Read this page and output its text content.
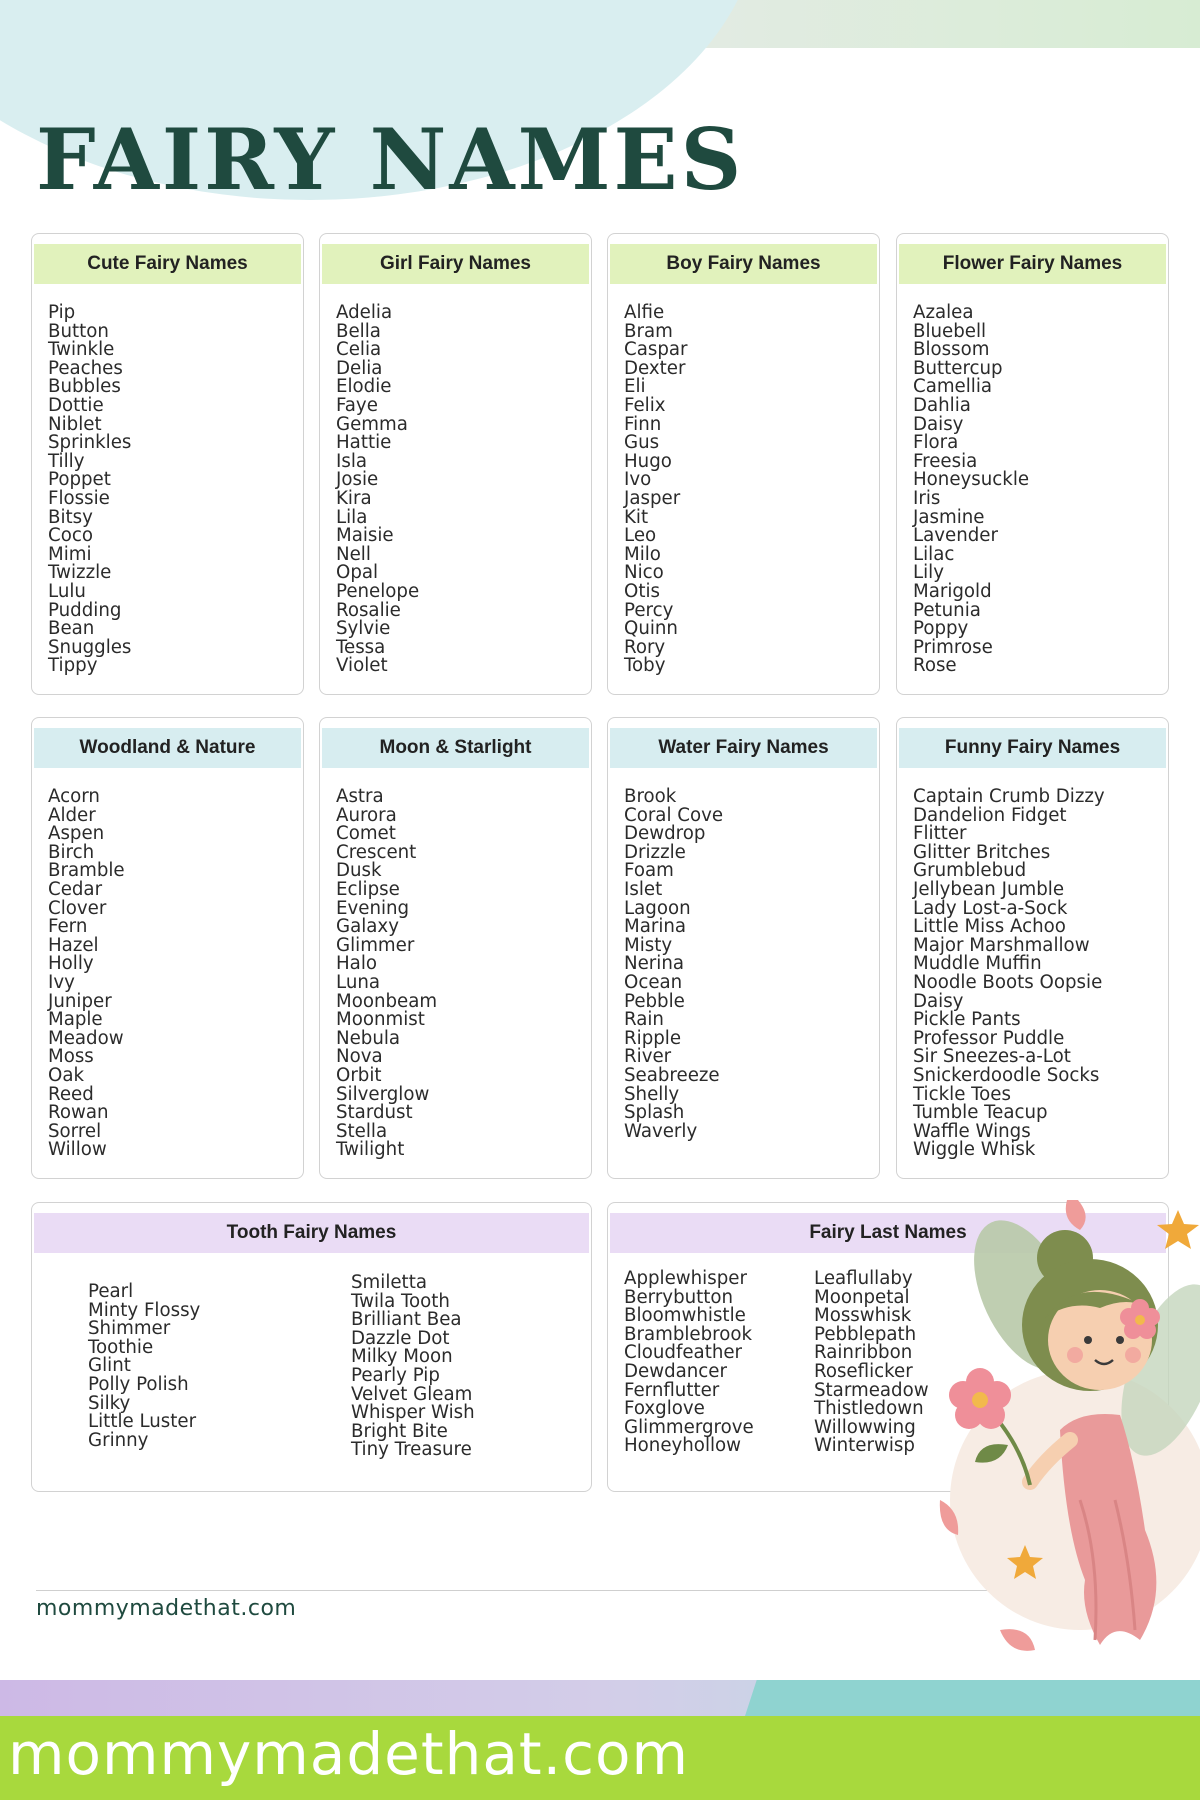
FAIRY NAMES
Cute Fairy Names
Pip
Button
Twinkle
Peaches
Bubbles
Dottie
Niblet
Sprinkles
Tilly
Poppet
Flossie
Bitsy
Coco
Mimi
Twizzle
Lulu
Pudding
Bean
Snuggles
Tippy
Girl Fairy Names
Adelia
Bella
Celia
Delia
Elodie
Faye
Gemma
Hattie
Isla
Josie
Kira
Lila
Maisie
Nell
Opal
Penelope
Rosalie
Sylvie
Tessa
Violet
Boy Fairy Names
Alfie
Bram
Caspar
Dexter
Eli
Felix
Finn
Gus
Hugo
Ivo
Jasper
Kit
Leo
Milo
Nico
Otis
Percy
Quinn
Rory
Toby
Flower Fairy Names
Azalea
Bluebell
Blossom
Buttercup
Camellia
Dahlia
Daisy
Flora
Freesia
Honeysuckle
Iris
Jasmine
Lavender
Lilac
Lily
Marigold
Petunia
Poppy
Primrose
Rose
Woodland & Nature
Acorn
Alder
Aspen
Birch
Bramble
Cedar
Clover
Fern
Hazel
Holly
Ivy
Juniper
Maple
Meadow
Moss
Oak
Reed
Rowan
Sorrel
Willow
Moon & Starlight
Astra
Aurora
Comet
Crescent
Dusk
Eclipse
Evening
Galaxy
Glimmer
Halo
Luna
Moonbeam
Moonmist
Nebula
Nova
Orbit
Silverglow
Stardust
Stella
Twilight
Water Fairy Names
Brook
Coral Cove
Dewdrop
Drizzle
Foam
Islet
Lagoon
Marina
Misty
Nerina
Ocean
Pebble
Rain
Ripple
River
Seabreeze
Shelly
Splash
Waverly
Funny Fairy Names
Captain Crumb Dizzy
Dandelion Fidget
Flitter
Glitter Britches
Grumblebud
Jellybean Jumble
Lady Lost-a-Sock
Little Miss Achoo
Major Marshmallow
Muddle Muffin
Noodle Boots Oopsie
Daisy
Pickle Pants
Professor Puddle
Sir Sneezes-a-Lot
Snickerdoodle Socks
Tickle Toes
Tumble Teacup
Waffle Wings
Wiggle Whisk
Tooth Fairy Names
Pearl
Minty Flossy
Shimmer
Toothie
Glint
Polly Polish
Silky
Little Luster
Grinny
Smiletta
Twila Tooth
Brilliant Bea
Dazzle Dot
Milky Moon
Pearly Pip
Velvet Gleam
Whisper Wish
Bright Bite
Tiny Treasure
Fairy Last Names
Applewhisper
Berrybutton
Bloomwhistle
Bramblebrook
Cloudfeather
Dewdancer
Fernflutter
Foxglove
Glimmergrove
Honeyhollow
Leaflullaby
Moonpetal
Mosswhisk
Pebblepath
Rainribbon
Roseflicker
Starmeadow
Thistledown
Willowwing
Winterwisp
mommymadethat.com
mommymadethat.com
